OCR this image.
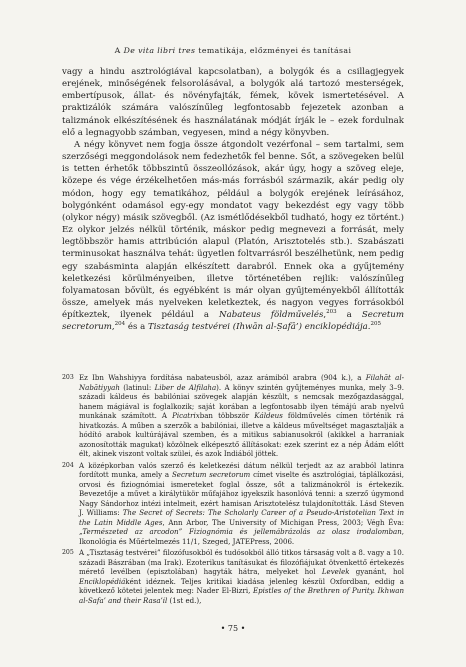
A De vita libri tres tematikája, előzményei és tanításai

vagy a hindu asztrológiával kapcsolatban), a bolygók és a csillagjegyek erejének, minőségének felsorolásával, a bolygók alá tartozó mesterségek, embertípusok, állat- és növényfajták, fémek, kövek ismertetésével. A praktizálók számára valószínűleg legfontosabb fejezetek azonban a talizmánok elkészítésének és használatának módját írják le – ezek fordulnak elő a legnagyobb számban, vegyesen, mind a négy könyvben.

A négy könyvet nem fogja össze átgondolt vezérfonal – sem tartalmi, sem szerzőségi meggondolások nem fedezhetők fel benne. Sőt, a szövegeken belül is tetten érhetők többszintű összeollózások, akár úgy, hogy a szöveg eleje, közepe és vége érzékelhetően más-más forrásból származik, akár pedig oly módon, hogy egy tematikához, például a bolygók erejének leírásához, bolygónként odamásol egy-egy mondatot vagy bekezdést egy vagy több (olykor négy) másik szövegből. (Az ismétlődésekből tudható, hogy ez történt.) Ez olykor jelzés nélkül történik, máskor pedig megnevezi a forrását, mely legtöbbször hamis attribúción alapul (Platón, Arisztotelés stb.). Szabászati terminusokat használva tehát: ügyetlen foltvarrásról beszélhetünk, nem pedig egy szabásminta alapján elkészített darabról. Ennek oka a gyűjtemény keletkezési körülményeiben, illetve történetében rejlik: valószínűleg folyamatosan bővült, és egyébként is már olyan gyűjteményekből állították össze, amelyek más nyelveken keletkeztek, és nagyon vegyes forrásokból építkeztek, ilyenek például a Nabateus földművelés,$^{203}$ a Secretum secretorum,$^{204}$ és a Tisztaság testvérei (Ihwān al-Ṣafā’) enciklopédiája.$^{205}$

203 Ez Ibn Wahshiyya fordítása nabateusból, azaz arámiból arabra (904 k.), a Filahāt al-Nabātiyyah (latinul: Liber de Alfilaha). A könyv szintén gyűjteményes munka, mely 3–9. századi káldeus és babilóniai szövegek alapján készült, s nemcsak mezőgazdasággal, hanem mágiával is foglalkozik; saját korában a legfontosabb ilyen témájú arab nyelvű munkának számított. A Picatrixban többször Káldeus földművelés címen történik rá hivatkozás. A műben a szerzők a babilóniai, illetve a káldeus műveltséget magasztalják a hódító arabok kultúrájával szemben, és a mitikus sabianusokról (akikkel a harraniak azonosították magukat) közölnek elképesztő állításokat: ezek szerint ez a nép Ádám előtt élt, akinek viszont voltak szülei, és azok Indiából jöttek.
204 A középkorban valós szerző és keletkezési dátum nélkül terjedt az az arabból latinra fordított munka, amely a Secretum secretorum címet viselte és asztrológiai, táplálkozási, orvosi és fiziognómiai ismereteket foglal össze, sőt a talizmánokról is értekezik. Bevezetője a művet a királytükör műfajához igyekszik hasonlóvá tenni: a szerző úgymond Nagy Sándorhoz intézi intelmeit, ezért hamisan Arisztotelész tulajdonították. Lásd Steven J. Williams: The Secret of Secrets: The Scholarly Career of a Pseudo-Aristotelian Text in the Latin Middle Ages, Ann Arbor, The University of Michigan Press, 2003; Végh Éva: „Természeted az arcodon” Fiziognómia és jellemábrázolás az olasz irodalomban, Ikonológia és Műértelmezés 11/1, Szeged, JATEPress, 2006.
205 A „Tisztaság testvérei” filozófusokból és tudósokból álló titkos társaság volt a 8. vagy a 10. századi Bászrában (ma Irak). Ezoterikus tanításukat és filozófiájukat ötvenkettő értekezés mérető levélben (episztolában) hagyták hátra, melyeket hol Levelek gyanánt, hol Enciklopédiáként idéznek. Teljes kritikai kiadása jelenleg készül Oxfordban, eddig a következő kötetei jelentek meg: Nader El-Bizri, Epistles of the Brethren of Purity. Ikhwan al-Safa’ and their Rasa’il (1st ed.),
• 75 •
